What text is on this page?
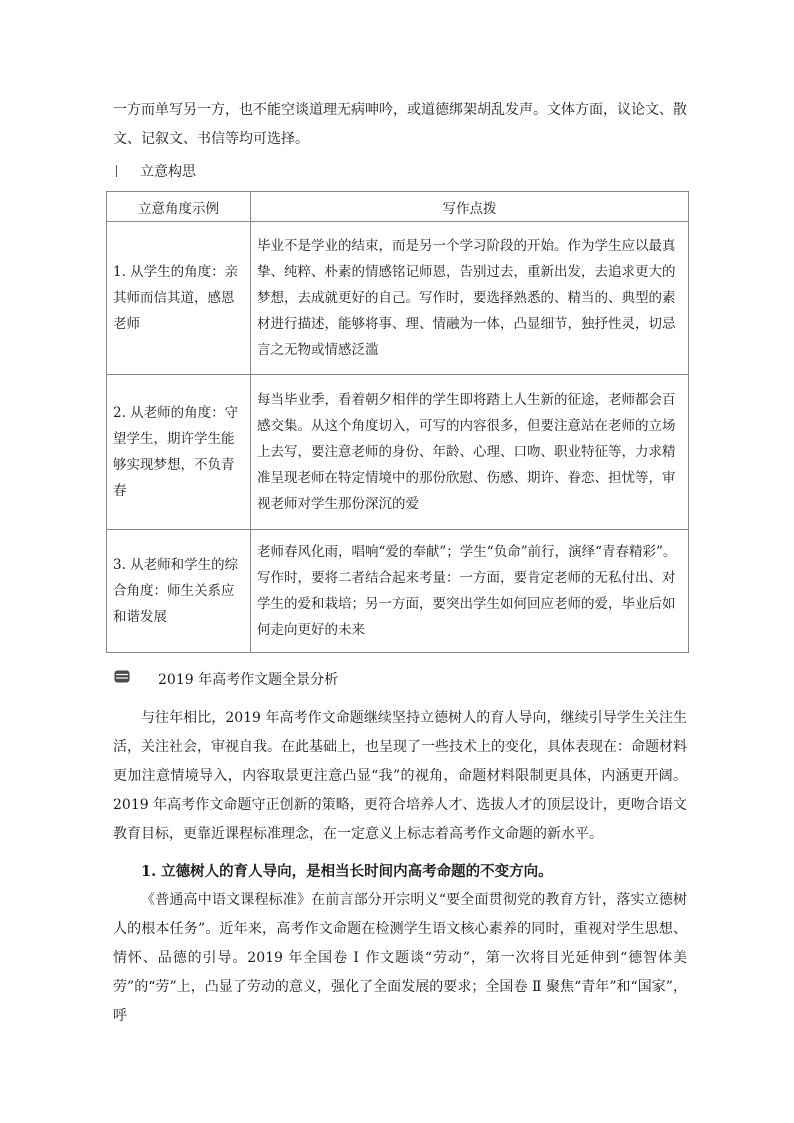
一方而单写另一方，也不能空谈道理无病呻吟，或道德绑架胡乱发声。文体方面，议论文、散文、记叙文、书信等均可选择。

立意构思
立意角度示例	写作点拨
1. 从学生的角度：亲其师而信其道，感恩老师	毕业不是学业的结束，而是另一个学习阶段的开始。作为学生应以最真挚、纯粹、朴素的情感铭记师恩，告别过去，重新出发，去追求更大的梦想，去成就更好的自己。写作时，要选择熟悉的、精当的、典型的素材进行描述，能够将事、理、情融为一体，凸显细节，独抒性灵，切忌言之无物或情感泛滥
2. 从老师的角度：守望学生，期许学生能够实现梦想，不负青春	每当毕业季，看着朝夕相伴的学生即将踏上人生新的征途，老师都会百感交集。从这个角度切入，可写的内容很多，但要注意站在老师的立场上去写，要注意老师的身份、年龄、心理、口吻、职业特征等，力求精准呈现老师在特定情境中的那份欣慰、伤感、期许、眷恋、担忧等，审视老师对学生那份深沉的爱
3. 从老师和学生的综合角度：师生关系应和谐发展	老师春风化雨，唱响“爱的奉献”；学生“负命”前行，演绎“青春精彩”。写作时，要将二者结合起来考量：一方面，要肯定老师的无私付出、对学生的爱和栽培；另一方面，要突出学生如何回应老师的爱，毕业后如何走向更好的未来
2019 年高考作文题全景分析

与往年相比，2019 年高考作文命题继续坚持立德树人的育人导向，继续引导学生关注生活，关注社会，审视自我。在此基础上，也呈现了一些技术上的变化，具体表现在：命题材料更加注意情境导入，内容取景更注意凸显“我”的视角，命题材料限制更具体，内涵更开阔。2019 年高考作文命题守正创新的策略，更符合培养人才、选拔人才的顶层设计，更吻合语文教育目标，更靠近课程标准理念，在一定意义上标志着高考作文命题的新水平。

1. 立德树人的育人导向，是相当长时间内高考命题的不变方向。

《普通高中语文课程标准》在前言部分开宗明义“要全面贯彻党的教育方针，落实立德树人的根本任务”。近年来，高考作文命题在检测学生语文核心素养的同时，重视对学生思想、情怀、品德的引导。2019 年全国卷 Ⅰ 作文题谈“劳动”，第一次将目光延伸到“德智体美劳”的“劳”上，凸显了劳动的意义，强化了全面发展的要求；全国卷 Ⅱ 聚焦“青年”和“国家”，呼
